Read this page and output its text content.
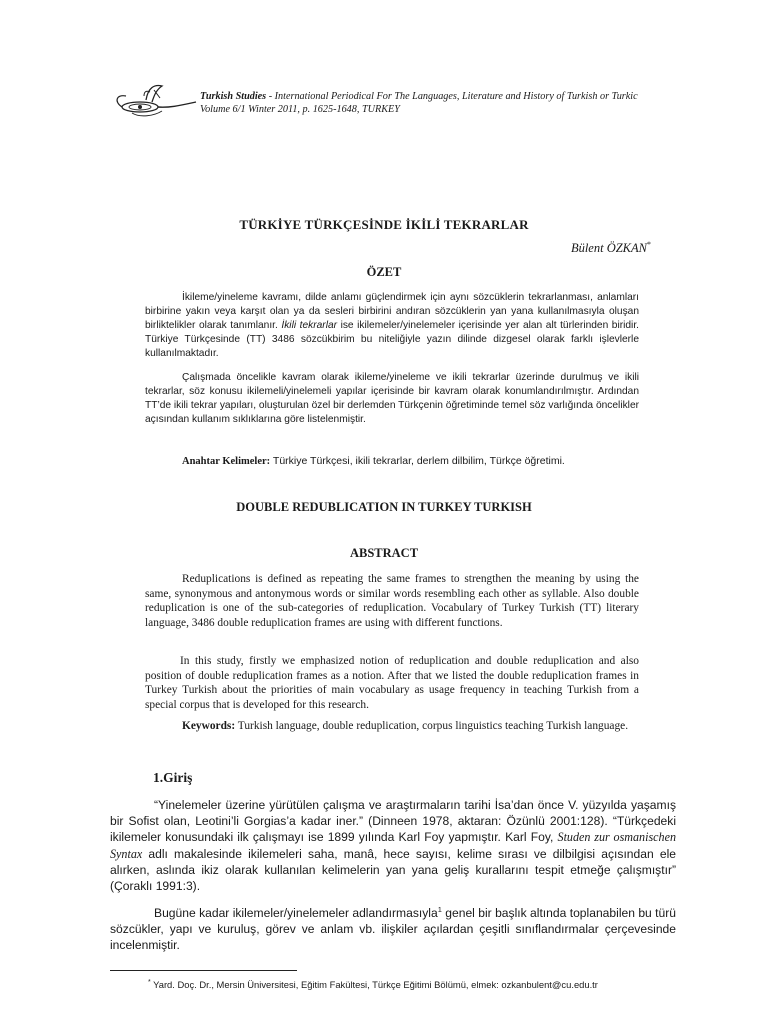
Turkish Studies - International Periodical For The Languages, Literature and History of Turkish or Turkic
Volume 6/1 Winter 2011, p. 1625-1648, TURKEY
TÜRKİYE TÜRKÇESİNDE İKİLİ TEKRARLAR
Bülent ÖZKAN*
ÖZET

İkileme/yineleme kavramı, dilde anlamı güçlendirmek için aynı sözcüklerin tekrarlanması, anlamları birbirine yakın veya karşıt olan ya da sesleri birbirini andıran sözcüklerin yan yana kullanılmasıyla oluşan birliktelikler olarak tanımlanır. İkili tekrarlar ise ikilemeler/yinelemeler içerisinde yer alan alt türlerinden biridir. Türkiye Türkçesinde (TT) 3486 sözcükbirim bu niteliğiyle yazın dilinde dizgesel olarak farklı işlevlerle kullanılmaktadır.

Çalışmada öncelikle kavram olarak ikileme/yineleme ve ikili tekrarlar üzerinde durulmuş ve ikili tekrarlar, söz konusu ikilemeli/yinelemeli yapılar içerisinde bir kavram olarak konumlandırılmıştır. Ardından TT’de ikili tekrar yapıları, oluşturulan özel bir derlemden Türkçenin öğretiminde temel söz varlığında öncelikler açısından kullanım sıklıklarına göre listelenmiştir.

Anahtar Kelimeler: Türkiye Türkçesi, ikili tekrarlar, derlem dilbilim, Türkçe öğretimi.
DOUBLE REDUBLICATION IN TURKEY TURKISH
ABSTRACT

Reduplications is defined as repeating the same frames to strengthen the meaning by using the same, synonymous and antonymous words or similar words resembling each other as syllable. Also double reduplication is one of the sub-categories of reduplication. Vocabulary of Turkey Turkish (TT) literary language, 3486 double reduplication frames are using with different functions.

In this study, firstly we emphasized notion of reduplication and double reduplication and also position of double reduplication frames as a notion. After that we listed the double reduplication frames in Turkey Turkish about the priorities of main vocabulary as usage frequency in teaching Turkish from a special corpus that is developed for this research.

Keywords: Turkish language, double reduplication, corpus linguistics teaching Turkish language.

1.Giriş

“Yinelemeler üzerine yürütülen çalışma ve araştırmaların tarihi İsa’dan önce V. yüzyılda yaşamış bir Sofist olan, Leotini’li Gorgias’a kadar iner.” (Dinneen 1978, aktaran: Özünlü 2001:128). “Türkçedeki ikilemeler konusundaki ilk çalışmayı ise 1899 yılında Karl Foy yapmıştır. Karl Foy, Studen zur osmanischen Syntax adlı makalesinde ikilemeleri saha, manâ, hece sayısı, kelime sırası ve dilbilgisi açısından ele alırken, aslında ikiz olarak kullanılan kelimelerin yan yana geliş kurallarını tespit etmeğe çalışmıştır” (Çoraklı 1991:3).

Bugüne kadar ikilemeler/yinelemeler adlandırmasıyla$^1$ genel bir başlık altında toplanabilen bu türü sözcükler, yapı ve kuruluş, görev ve anlam vb. ilişkiler açılardan çeşitli sınıflandırmalar çerçevesinde incelenmiştir.

* Yard. Doç. Dr., Mersin Üniversitesi, Eğitim Fakültesi, Türkçe Eğitimi Bölümü, elmek: ozkanbulent@cu.edu.tr
